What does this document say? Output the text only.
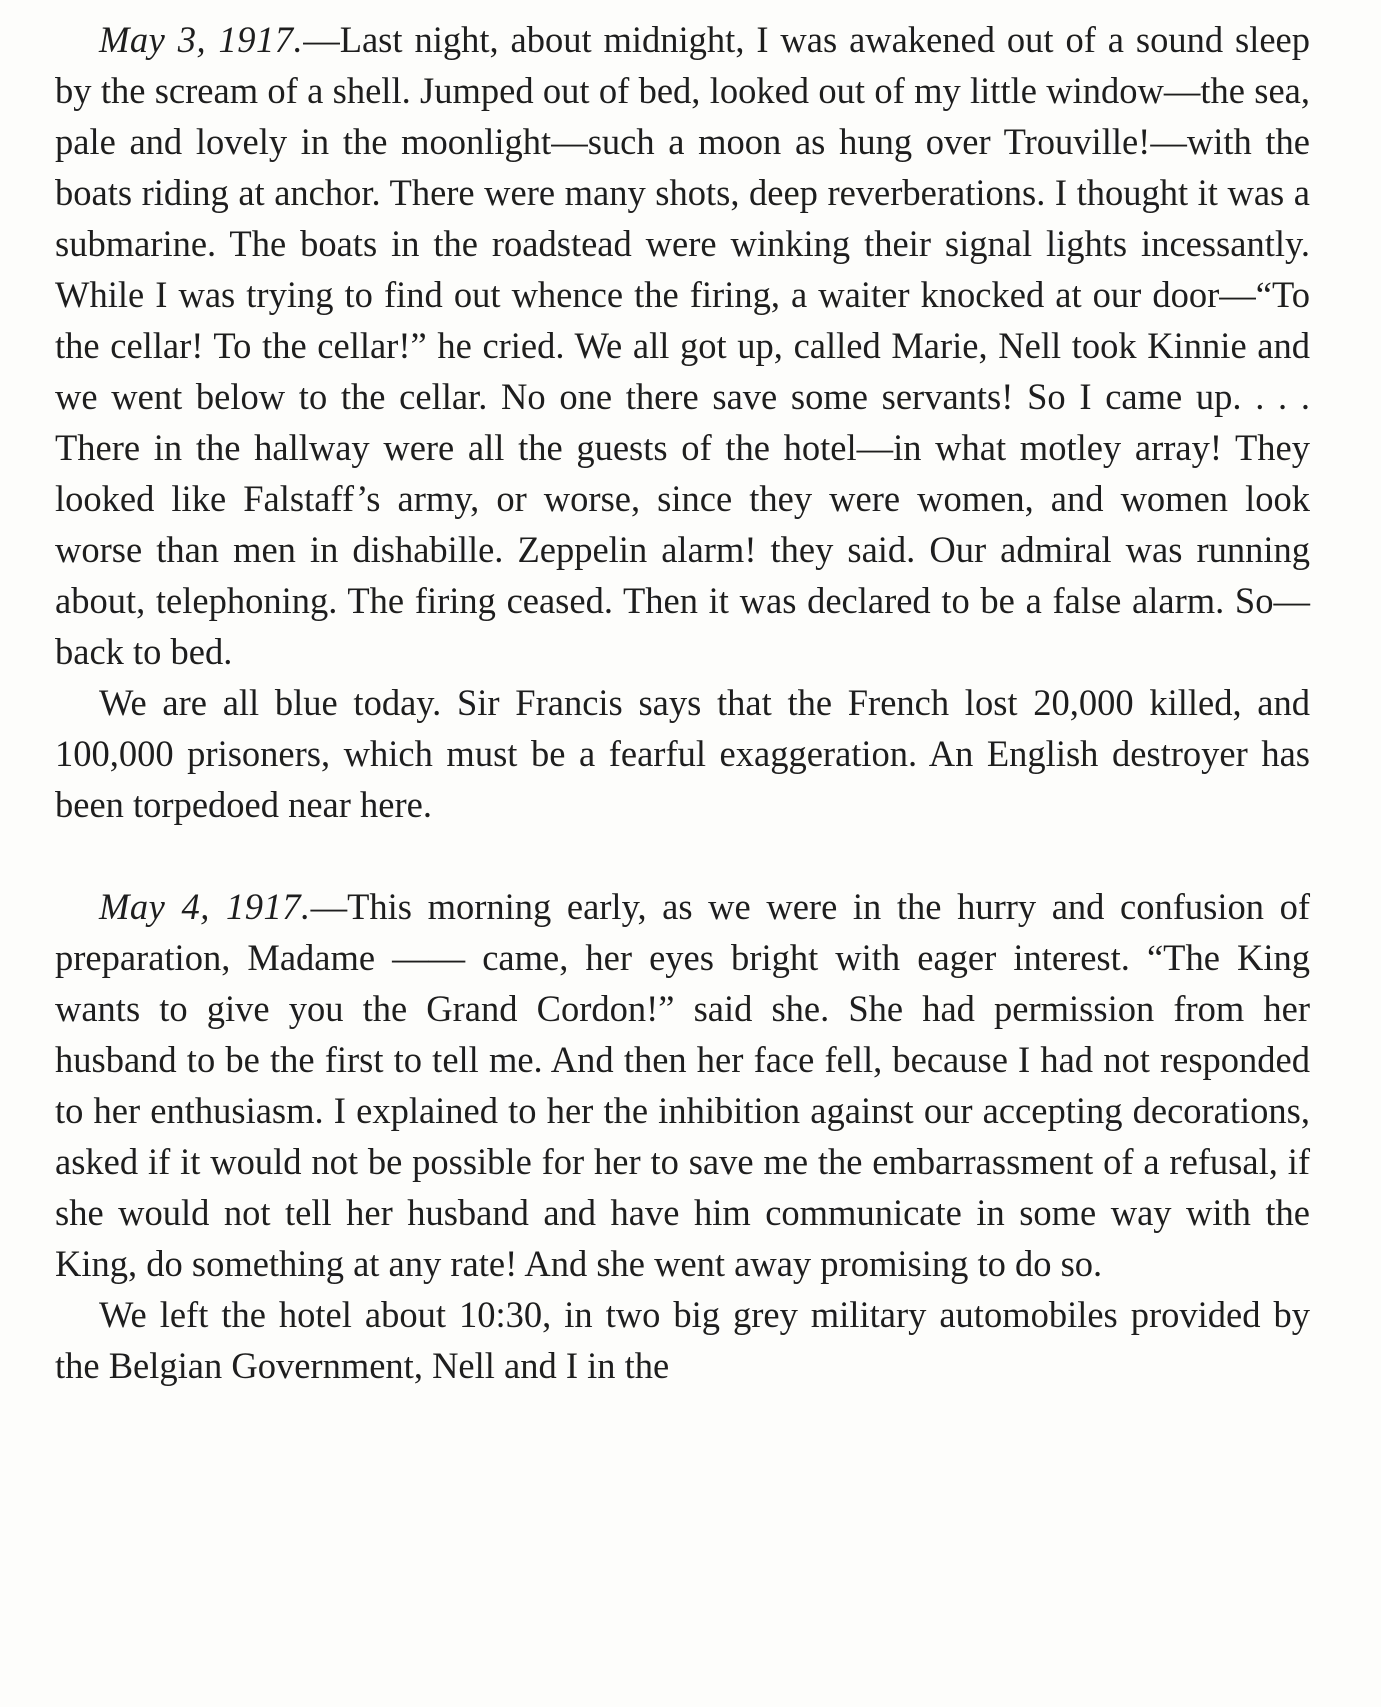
May 3, 1917.—Last night, about midnight, I was awakened out of a sound sleep by the scream of a shell. Jumped out of bed, looked out of my little window—the sea, pale and lovely in the moonlight—such a moon as hung over Trouville!—with the boats riding at anchor. There were many shots, deep reverberations. I thought it was a submarine. The boats in the roadstead were winking their signal lights incessantly. While I was trying to find out whence the firing, a waiter knocked at our door—“To the cellar! To the cellar!” he cried. We all got up, called Marie, Nell took Kinnie and we went below to the cellar. No one there save some servants! So I came up. . . . There in the hallway were all the guests of the hotel—in what motley array! They looked like Falstaff’s army, or worse, since they were women, and women look worse than men in dishabille. Zeppelin alarm! they said. Our admiral was running about, telephoning. The firing ceased. Then it was declared to be a false alarm. So—back to bed.

We are all blue today. Sir Francis says that the French lost 20,000 killed, and 100,000 prisoners, which must be a fearful exaggeration. An English destroyer has been torpedoed near here.

May 4, 1917.—This morning early, as we were in the hurry and confusion of preparation, Madame —— came, her eyes bright with eager interest. “The King wants to give you the Grand Cordon!” said she. She had permission from her husband to be the first to tell me. And then her face fell, because I had not responded to her enthusiasm. I explained to her the inhibition against our accepting decorations, asked if it would not be possible for her to save me the embarrassment of a refusal, if she would not tell her husband and have him communicate in some way with the King, do something at any rate! And she went away promising to do so.

We left the hotel about 10:30, in two big grey military automobiles provided by the Belgian Government, Nell and I in the
